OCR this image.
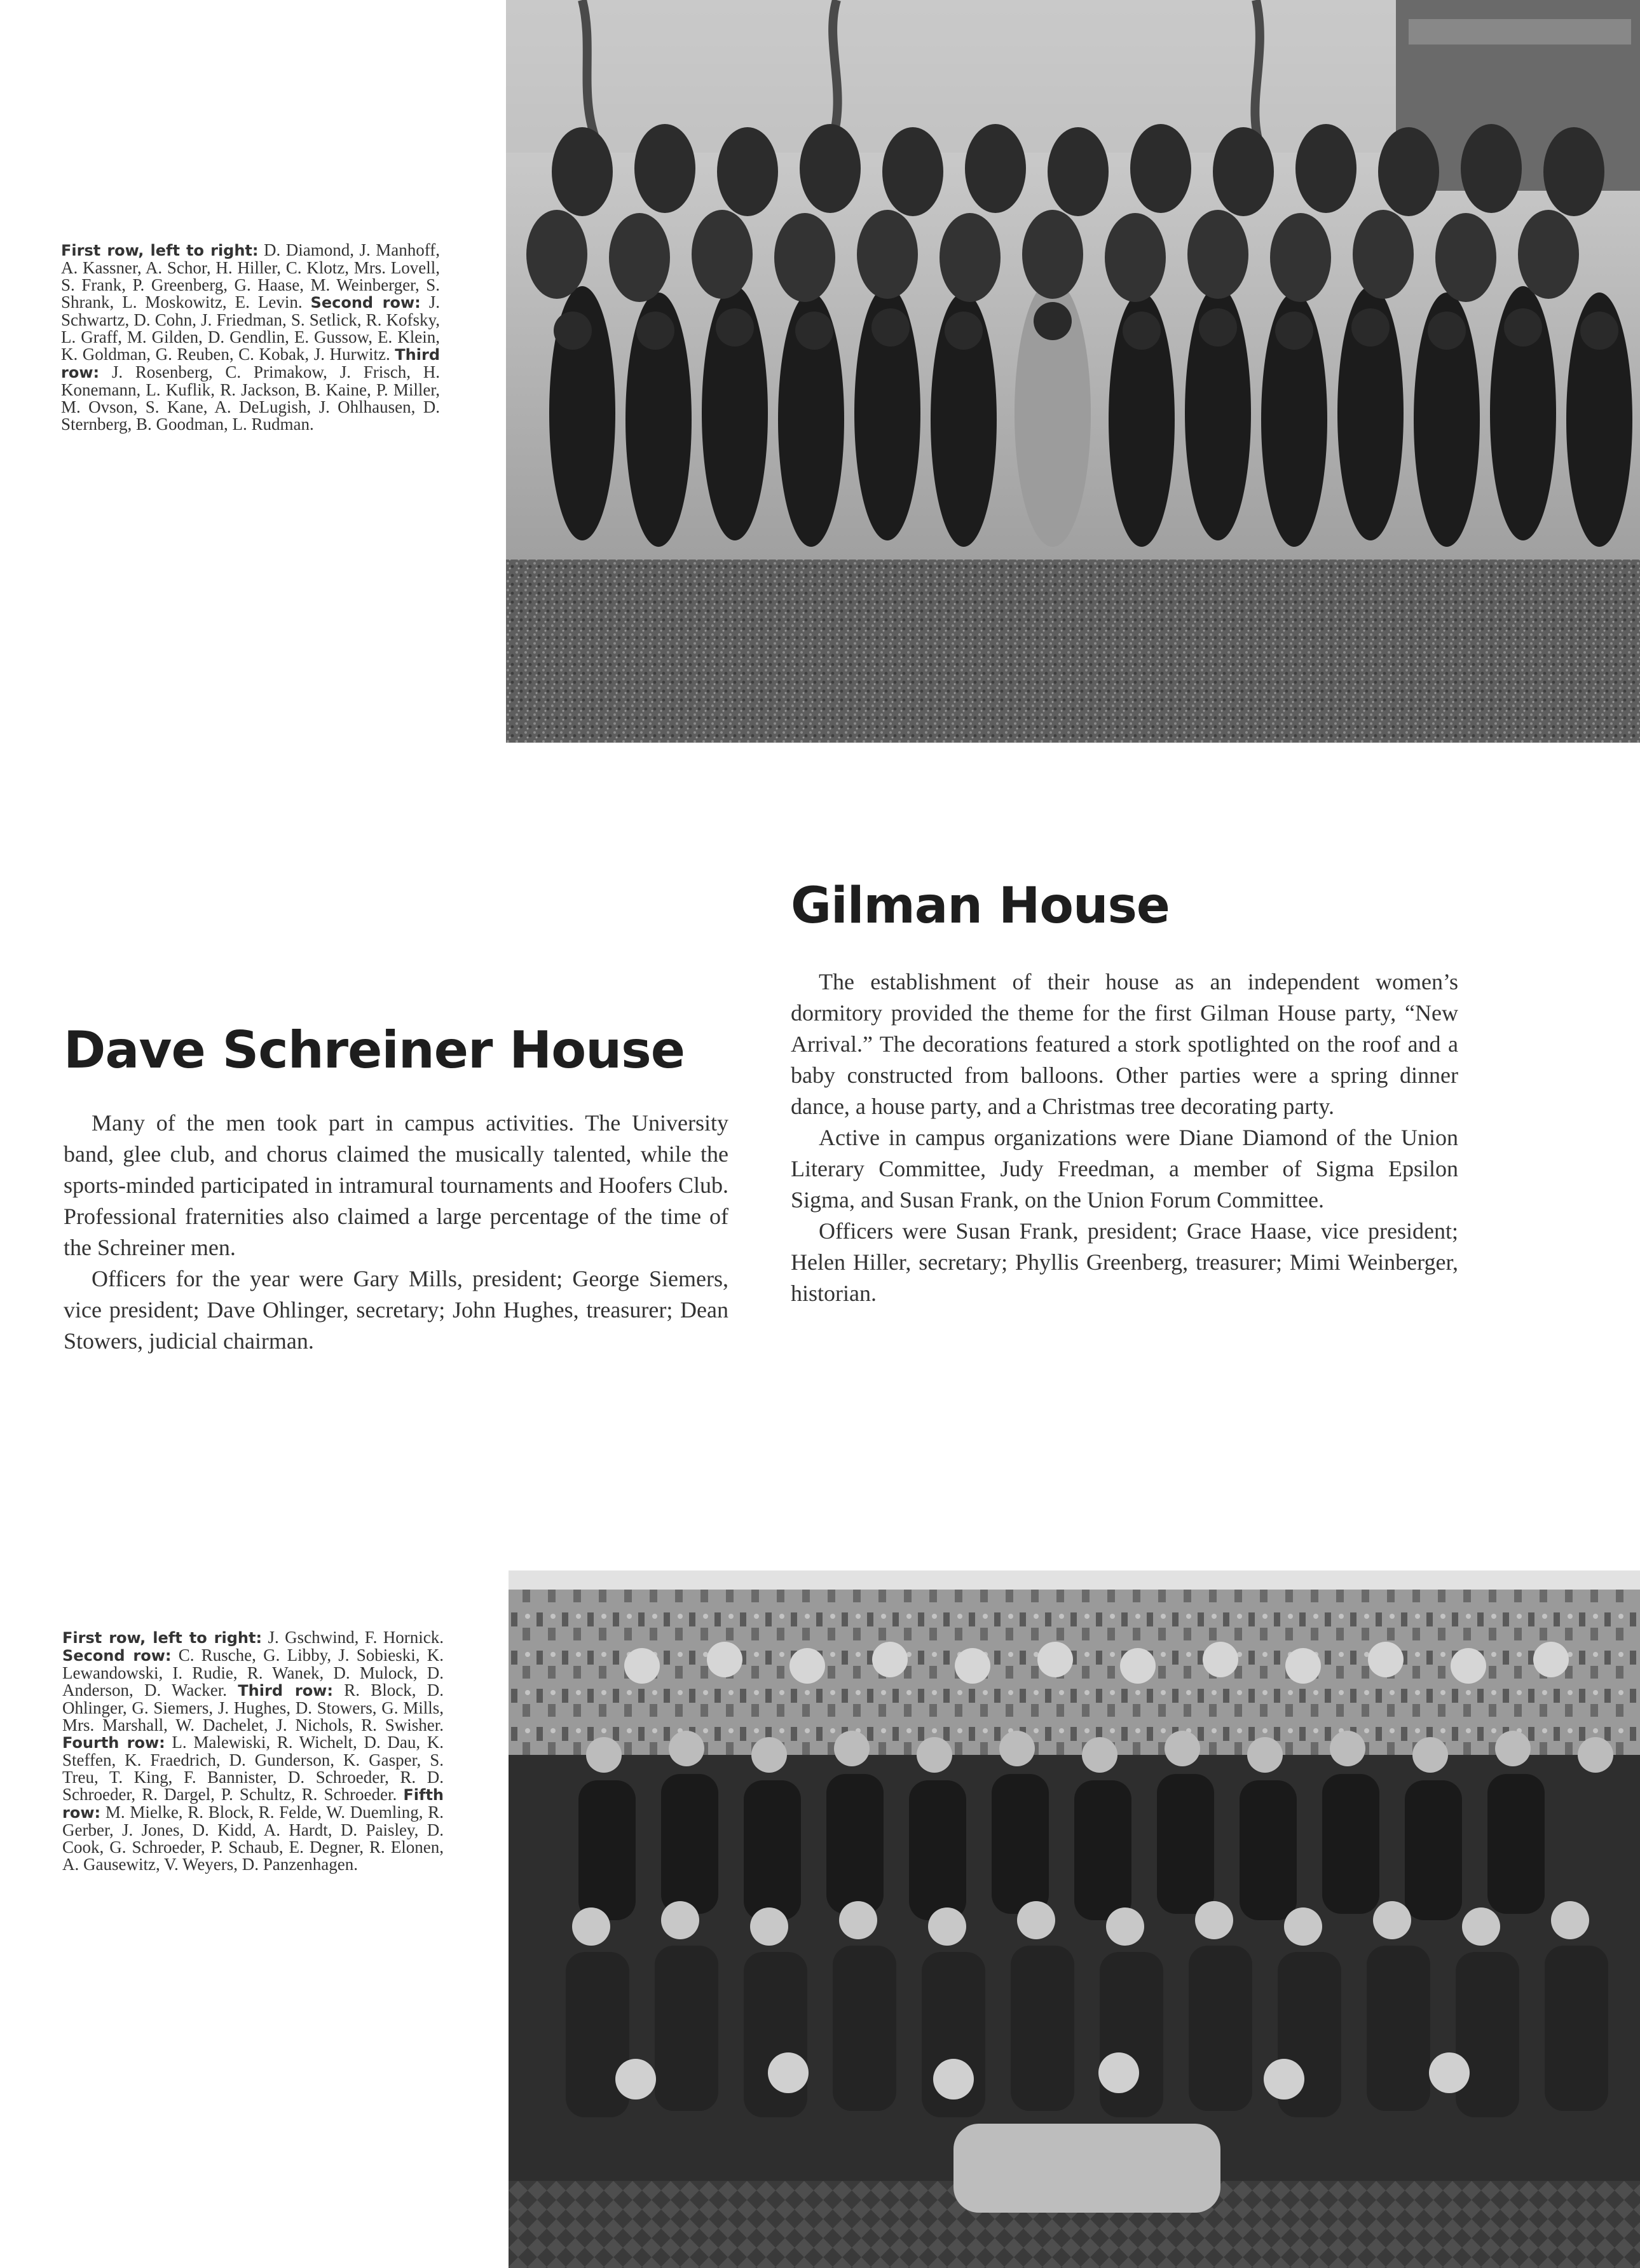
First row, left to right: D. Diamond, J. Manhoff, A. Kassner, A. Schor, H. Hiller, C. Klotz, Mrs. Lovell, S. Frank, P. Greenberg, G. Haase, M. Weinberger, S. Shrank, L. Moskowitz, E. Levin. Second row: J. Schwartz, D. Cohn, J. Friedman, S. Setlick, R. Kofsky, L. Graff, M. Gilden, D. Gendlin, E. Gussow, E. Klein, K. Goldman, G. Reuben, C. Kobak, J. Hurwitz. Third row: J. Rosenberg, C. Primakow, J. Frisch, H. Konemann, L. Kuflik, R. Jackson, B. Kaine, P. Miller, M. Ovson, S. Kane, A. DeLugish, J. Ohlhausen, D. Sternberg, B. Goodman, L. Rudman.
Gilman House

The establishment of their house as an independent women’s dormitory provided the theme for the first Gilman House party, “New Arrival.” The decorations featured a stork spotlighted on the roof and a baby constructed from balloons. Other parties were a spring dinner dance, a house party, and a Christmas tree decorating party.

Active in campus organizations were Diane Diamond of the Union Literary Committee, Judy Freedman, a member of Sigma Epsilon Sigma, and Susan Frank, on the Union Forum Committee.

Officers were Susan Frank, president; Grace Haase, vice president; Helen Hiller, secretary; Phyllis Greenberg, treasurer; Mimi Weinberger, historian.

Dave Schreiner House

Many of the men took part in campus activities. The University band, glee club, and chorus claimed the musically talented, while the sports-minded participated in intramural tournaments and Hoofers Club. Professional fraternities also claimed a large percentage of the time of the Schreiner men.

Officers for the year were Gary Mills, president; George Siemers, vice president; Dave Ohlinger, secretary; John Hughes, treasurer; Dean Stowers, judicial chairman.

First row, left to right: J. Gschwind, F. Hornick. Second row: C. Rusche, G. Libby, J. Sobieski, K. Lewandowski, I. Rudie, R. Wanek, D. Mulock, D. Anderson, D. Wacker. Third row: R. Block, D. Ohlinger, G. Siemers, J. Hughes, D. Stowers, G. Mills, Mrs. Marshall, W. Dachelet, J. Nichols, R. Swisher. Fourth row: L. Malewiski, R. Wichelt, D. Dau, K. Steffen, K. Fraedrich, D. Gunderson, K. Gasper, S. Treu, T. King, F. Bannister, D. Schroeder, R. D. Schroeder, R. Dargel, P. Schultz, R. Schroeder. Fifth row: M. Mielke, R. Block, R. Felde, W. Duemling, R. Gerber, J. Jones, D. Kidd, A. Hardt, D. Paisley, D. Cook, G. Schroeder, P. Schaub, E. Degner, R. Elonen, A. Gausewitz, V. Weyers, D. Panzenhagen.
